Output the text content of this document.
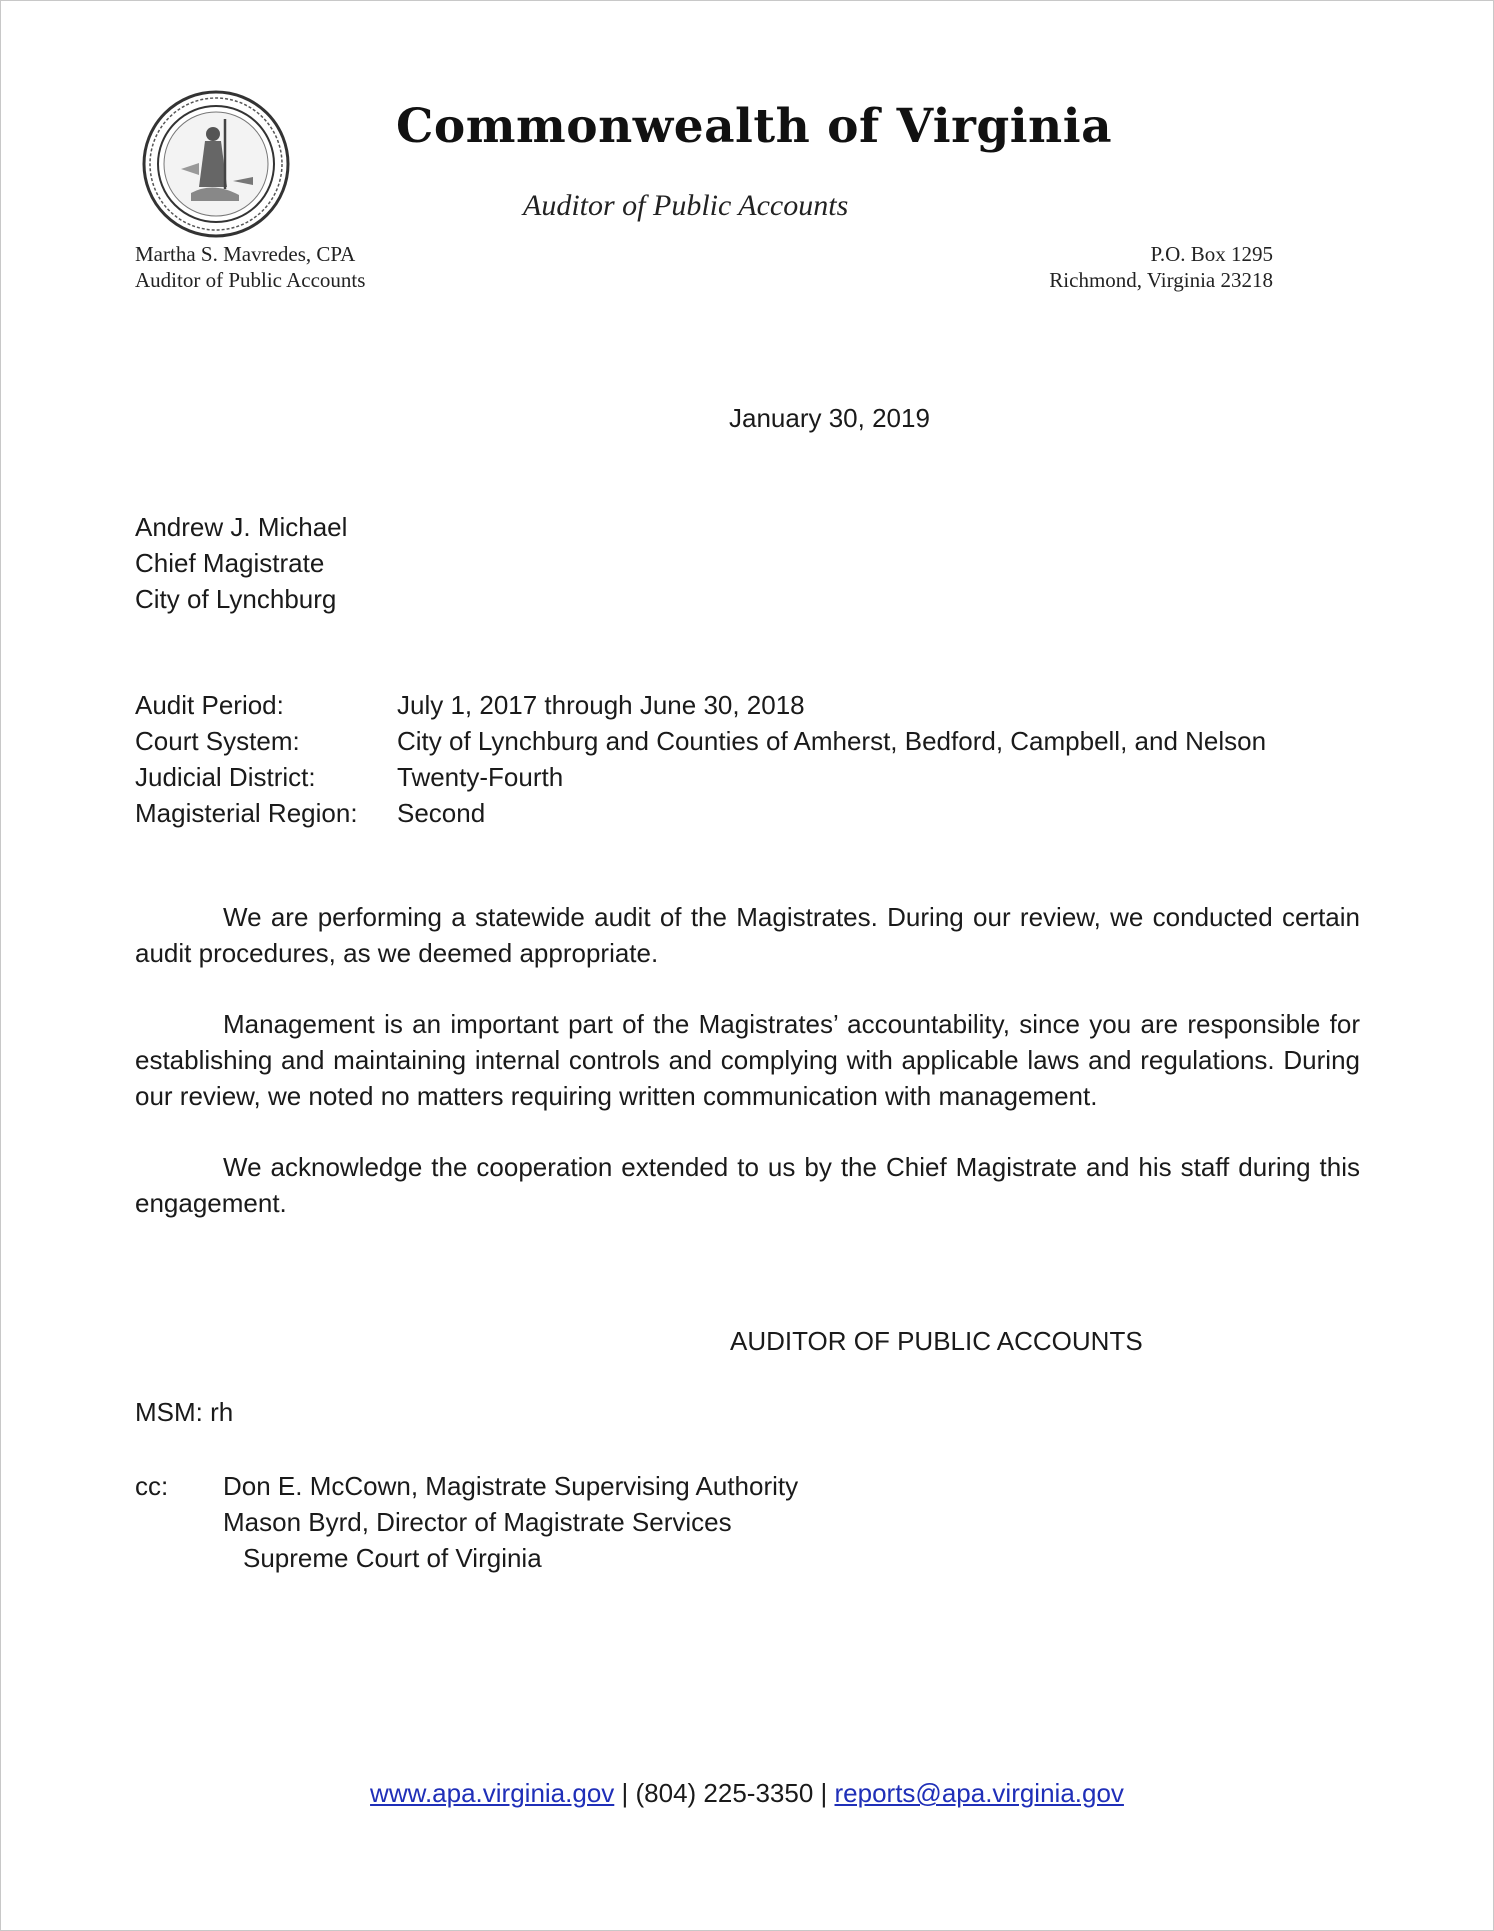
Commonwealth of Virginia
Auditor of Public Accounts
Martha S. Mavredes, CPA
Auditor of Public Accounts
P.O. Box 1295
Richmond, Virginia 23218
January 30, 2019
Andrew J. Michael
Chief Magistrate
City of Lynchburg
Audit Period:	July 1, 2017 through June 30, 2018
Court System:	City of Lynchburg and Counties of Amherst, Bedford, Campbell, and Nelson
Judicial District:	Twenty-Fourth
Magisterial Region:	Second
We are performing a statewide audit of the Magistrates. During our review, we conducted certain audit procedures, as we deemed appropriate.
Management is an important part of the Magistrates’ accountability, since you are responsible for establishing and maintaining internal controls and complying with applicable laws and regulations. During our review, we noted no matters requiring written communication with management.
We acknowledge the cooperation extended to us by the Chief Magistrate and his staff during this engagement.
AUDITOR OF PUBLIC ACCOUNTS
MSM: rh
cc:	Don E. McCown, Magistrate Supervising Authority
Mason Byrd, Director of Magistrate Services
Supreme Court of Virginia
www.apa.virginia.gov | (804) 225-3350 | reports@apa.virginia.gov
